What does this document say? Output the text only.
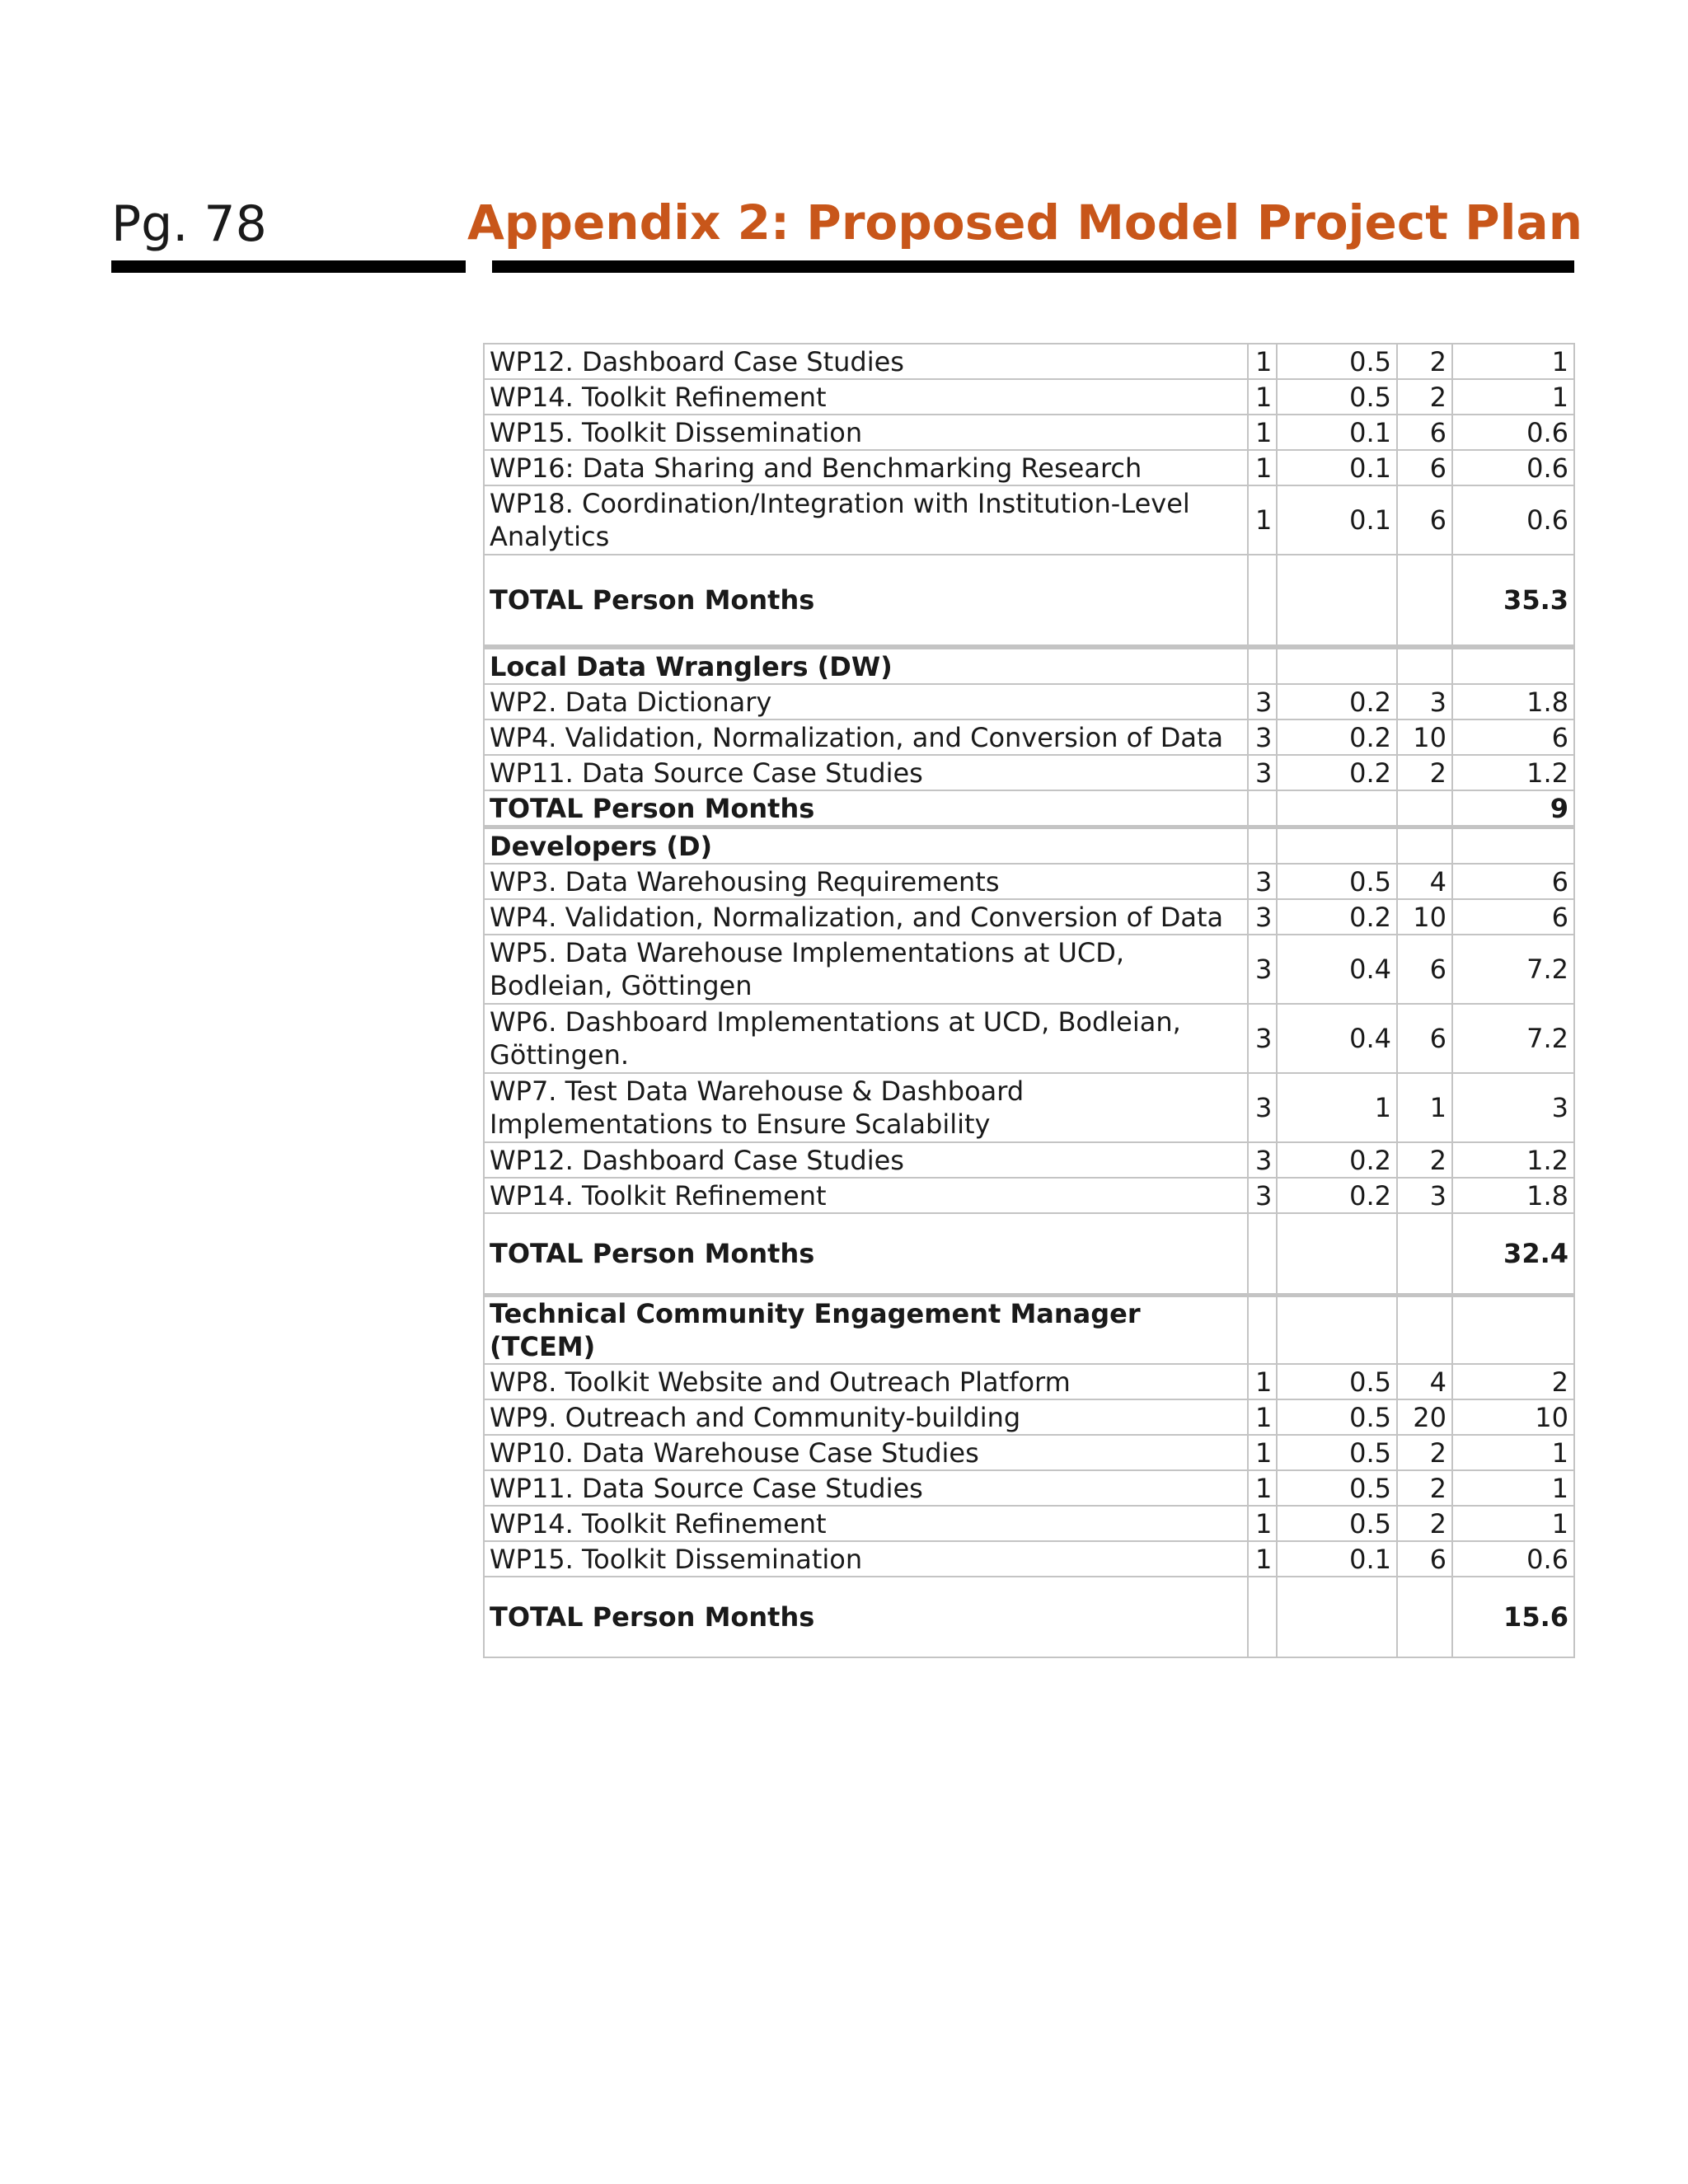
Pg. 78	Appendix 2: Proposed Model Project Plan
WP12. Dashboard Case Studies	1	0.5	2	1
WP14. Toolkit Refinement	1	0.5	2	1
WP15. Toolkit Dissemination	1	0.1	6	0.6
WP16: Data Sharing and Benchmarking Research	1	0.1	6	0.6
WP18. Coordination/Integration with Institution-Level Analytics	1	0.1	6	0.6
TOTAL Person Months				35.3
Local Data Wranglers (DW)				
WP2. Data Dictionary	3	0.2	3	1.8
WP4. Validation, Normalization, and Conversion of Data	3	0.2	10	6
WP11. Data Source Case Studies	3	0.2	2	1.2
TOTAL Person Months				9
Developers (D)				
WP3. Data Warehousing Requirements	3	0.5	4	6
WP4. Validation, Normalization, and Conversion of Data	3	0.2	10	6
WP5. Data Warehouse Implementations at UCD, Bodleian, Göttingen	3	0.4	6	7.2
WP6. Dashboard Implementations at UCD, Bodleian, Göttingen.	3	0.4	6	7.2
WP7. Test Data Warehouse & Dashboard Implementations to Ensure Scalability	3	1	1	3
WP12. Dashboard Case Studies	3	0.2	2	1.2
WP14. Toolkit Refinement	3	0.2	3	1.8
TOTAL Person Months				32.4
Technical Community Engagement Manager (TCEM)				
WP8. Toolkit Website and Outreach Platform	1	0.5	4	2
WP9. Outreach and Community-building	1	0.5	20	10
WP10. Data Warehouse Case Studies	1	0.5	2	1
WP11. Data Source Case Studies	1	0.5	2	1
WP14. Toolkit Refinement	1	0.5	2	1
WP15. Toolkit Dissemination	1	0.1	6	0.6
TOTAL Person Months				15.6
